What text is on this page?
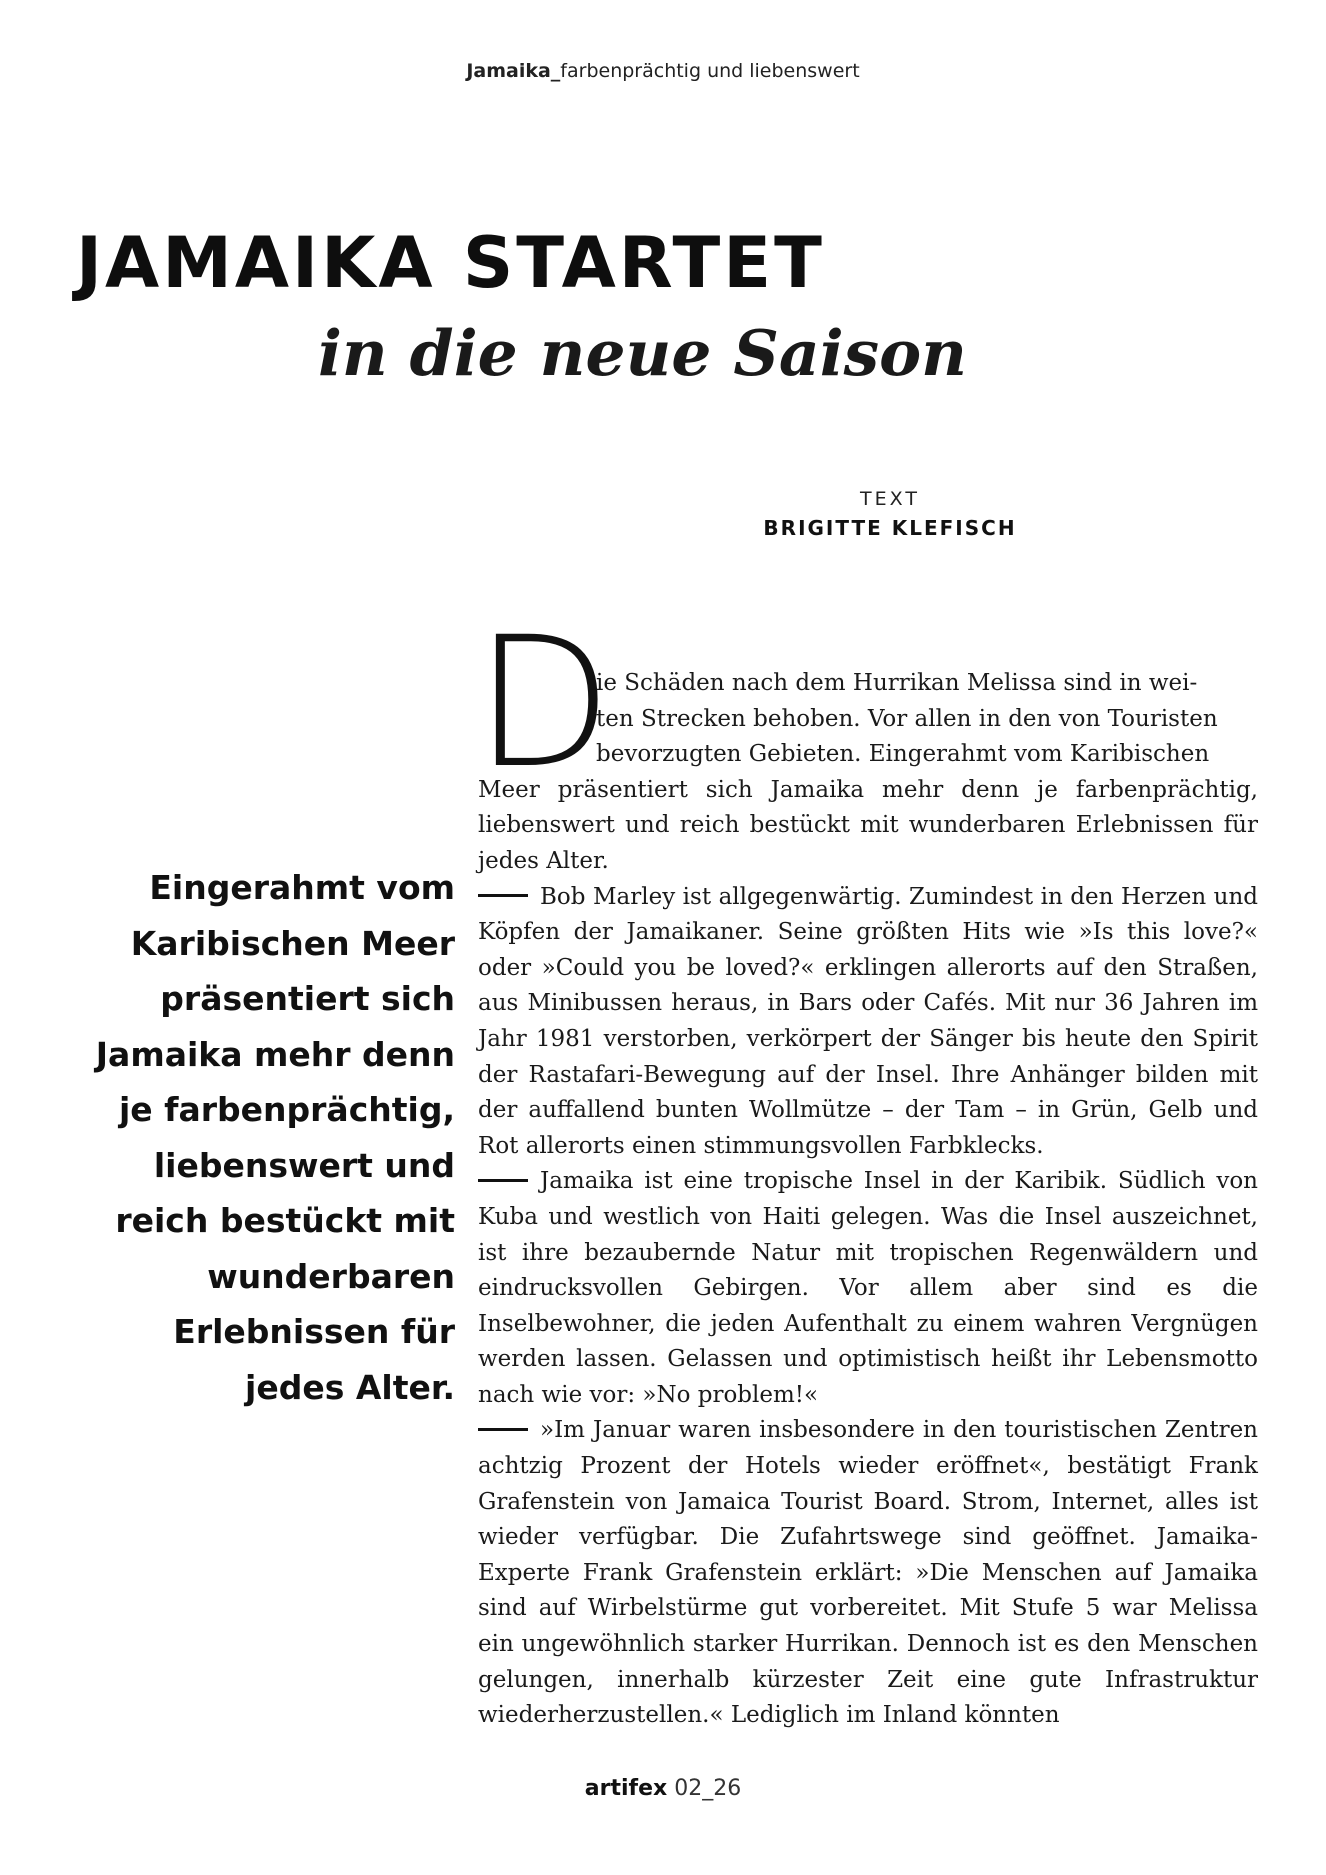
Jamaika_farbenprächtig und liebenswert
JAMAIKA STARTET
in die neue Saison
TEXT
BRIGITTE KLEFISCH
Eingerahmt vom Karibischen Meer präsentiert sich Jamaika mehr denn je farbenprächtig, liebenswert und reich bestückt mit wunderbaren Erlebnissen für jedes Alter.
D
ie Schäden nach dem Hurrikan Melissa sind in wei-
ten Strecken behoben. Vor allen in den von Touristen
bevorzugten Gebieten. Eingerahmt vom Karibischen

Meer präsentiert sich Jamaika mehr denn je farbenprächtig, liebenswert und reich bestückt mit wunderbaren Erlebnissen für jedes Alter.

Bob Marley ist allgegenwärtig. Zumindest in den Herzen und Köpfen der Jamaikaner. Seine größten Hits wie »Is this love?« oder »Could you be loved?« erklingen allerorts auf den Straßen, aus Minibussen heraus, in Bars oder Cafés. Mit nur 36 Jahren im Jahr 1981 verstorben, verkörpert der Sänger bis heute den Spirit der Rastafari-Bewegung auf der Insel. Ihre Anhänger bilden mit der auffallend bunten Wollmütze – der Tam – in Grün, Gelb und Rot allerorts einen stimmungsvollen Farbklecks.

Jamaika ist eine tropische Insel in der Karibik. Südlich von Kuba und westlich von Haiti gelegen. Was die Insel auszeichnet, ist ihre bezaubernde Natur mit tropischen Regenwäldern und eindrucksvollen Gebirgen. Vor allem aber sind es die Inselbewohner, die jeden Aufenthalt zu einem wahren Vergnügen werden lassen. Gelassen und optimistisch heißt ihr Lebensmotto nach wie vor: »No problem!«

»Im Januar waren insbesondere in den touristischen Zentren achtzig Prozent der Hotels wieder eröffnet«, bestätigt Frank Grafenstein von Jamaica Tourist Board. Strom, Internet, alles ist wieder verfügbar. Die Zufahrtswege sind geöffnet. Jamaika-Experte Frank Grafenstein erklärt: »Die Menschen auf Jamaika sind auf Wirbelstürme gut vorbereitet. Mit Stufe 5 war Melissa ein ungewöhnlich starker Hurrikan. Dennoch ist es den Menschen gelungen, innerhalb kürzester Zeit eine gute Infrastruktur wiederherzustellen.« Lediglich im Inland könnten

artifex 02_26
